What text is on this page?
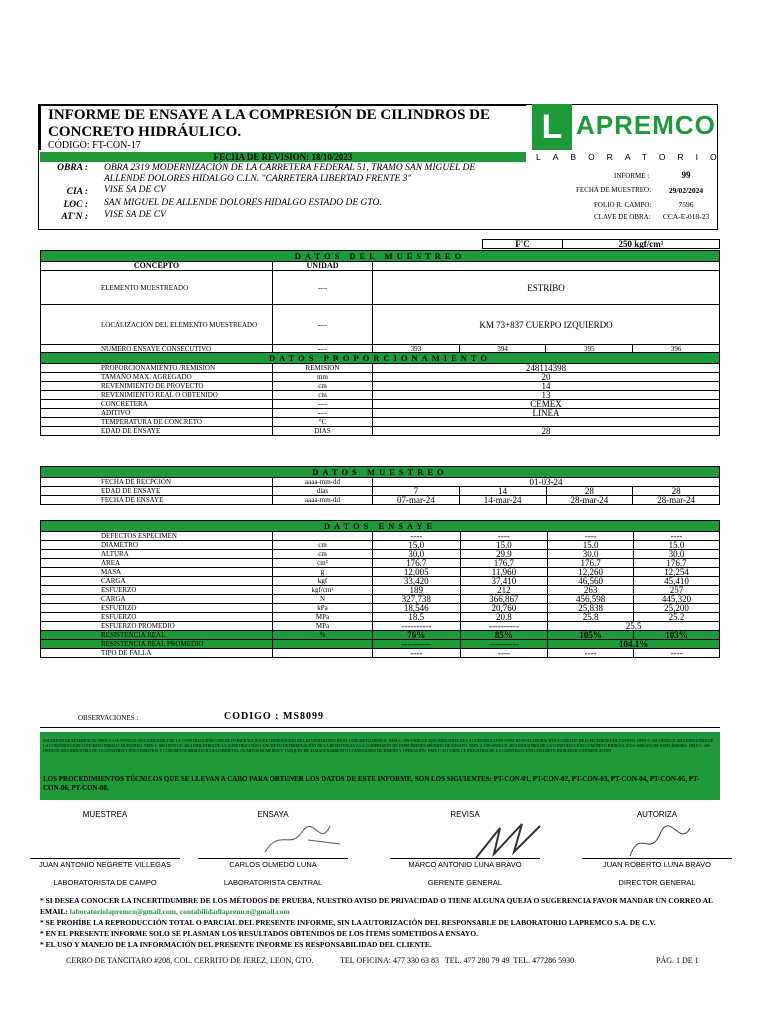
INFORME DE ENSAYE A LA COMPRESIÓN DE CILINDROS DE CONCRETO HIDRÁULICO.
CÓDIGO: FT-CON-17
FECHA DE REVISION: 18/10/2023
L APREMCO
LABORATORIO
OBRA : OBRA 2319 MODERNIZACIÓN DE LA CARRETERA FEDERAL 51, TRAMO SAN MIGUEL DE ALLENDE DOLORES HIDALGO C.I.N. "CARRETERA LIBERTAD FRENTE 3"
CIA : VISE SA DE CV
LOC : SAN MIGUEL DE ALLENDE DOLORES HIDALGO ESTADO DE GTO.
AT'N : VISE SA DE CV
INFORME :	99
FECHA DE MUESTREO:	29/02/2024
FOLIO R. CAMPO:	7596
CLAVE DE OBRA:	CCA-E-018-23
F'C	250 kgf/cm²
DATOS DEL MUESTREO					
CONCEPTO	UNIDAD				
ELEMENTO MUESTREADO	----	ESTRIBO			
LOCALIZACIÓN DEL ELEMENTO MUESTREADO	----	KM 73+837 CUERPO IZQUIERDO			
NUMERO ENSAYE CONSECUTIVO	----	393	394	395	396
DATOS PROPORCIONAMIENTO		
PROPORCIONAMIENTO /REMISION	REMISION	248114398
TAMAÑO MAX. AGREGADO	mm	20
REVENIMIENTO DE PROVECTO	cm	14
REVENIMIENTO REAL O OBTENIDO	cm	13
CONCRETERA	----	CEMEX
ADITIVO	----	LINEA
TEMPERATURA DE CONCRETO	°C	
EDAD DE ENSAYE	DIAS	28
DATOS MUESTREO					
FECHA DE RECPCIÓN	aaaa-mm-dd	01-03-24			
EDAD DE ENSAYE	días	7	14	28	28
FECHA DE ENSAYE	aaaa-mm-dd	07-mar-24	14-mar-24	28-mar-24	28-mar-24
DATOS ENSAYE					
DEFECTOS ESPECIMEN		----	----	----	----
DIÁMETRO	cm	15.0	15.0	15.0	15.0
ALTURA	cm	30.0	29.9	30.0	30.0
ÁREA	cm²	176.7	176.7	176.7	176.7
MASA	g	12,005	11,960	12,260	12,254
CARGA	kgf	33,420	37,410	46,560	45,410
ESFUERZO	kgf/cm²	189	212	263	257
CARGA	N	327,738	366,867	456,598	445,320
ESFUERZO	kPa	18,546	20,760	25,838	25,200
ESFUERZO	MPa	18.5	20.8	25.8	25.2
ESFUERZO PROMEDIO	MPa	----------	----------	25.5	
RESISTENCIA REAL	%	76%	85%	105%	103%
RESISTENCIA REAL PROMEDIO		----------	----------	104.1%	
TIPO DE FALLA		----	----	----	----
OBSERVACIONES :	CODIGO : MS8099
ESTANDAR DE REFERENCIA: NMX-C-156-ONNCCE-2010 INDUSTRIA DE LA CONSTRUCCIÓN-CONCRETO HIDRÁULICO-DETERMINACIÓN DEL REVENIMIENTO EN EL CONCRETO FRESCO. NMX-C-159-ONNCCE-2016 INDUSTRIA DE LA CONSTRUCCIÓN-CONCRETO-ELABORACIÓN Y CURADO DE ESPECÍMENES DE ENSAYO. NMX-C-161-ONNCCE-2013 INDUSTRIA DE LA CONSTRUCCIÓN-CONCRETO FRESCO-MUESTREO. NMX-C-083-ONNCCE-2014 INDUSTRIA DE LA CONSTRUCCIÓN-CONCRETO-DETERMINACIÓN DE LA RESISTENCIA A LA COMPRESIÓN DE ESPECÍMENES-MÉTODO DE ENSAYO. NMX-C-109-ONNCCE-2013 INDUSTRIA DE LA CONSTRUCCIÓN-CONCRETO HIDRÁULICO-CABECEO DE ESPECÍMENES. NMX-C-148-ONNCCE-2010 INDUSTRIA DE LA CONSTRUCCIÓN-CEMENTOS Y CONCRETOS HIDRÁULICOS-GABINETES, CUARTOS HÚMEDOS Y TANQUES DE ALMACENAMIENTO-CONDICIONES DE DISEÑO Y OPERACIÓN. NMX-C-251-ONNCCE INDUSTRIA DE LA CONSTRUCCIÓN-CONCRETO HIDRÁULICO-DOSIFICACIÓN
LOS PROCEDIMIENTOS TÉCNICOS QUE SE LLEVAN A CABO PARA OBTENER LOS DATOS DE ESTE INFORME, SON LOS SIGUIENTES: PT-CON-01, PT-CON-02, PT-CON-03, PT-CON-04, PT-CON-05, PT-CON-06, PT-CON-08.
MUESTREA
JUAN ANTONIO NEGRETE VILLEGAS
LABORATORISTA DE CAMPO
ENSAYA
CARLOS OLMEDO LUNA
LABORATORISTA CENTRAL
REVISA
MARCO ANTONIO LUNA BRAVO
GERENTE GENERAL
AUTORIZA
JUAN ROBERTO LUNA BRAVO
DIRECTOR GENERAL
* SI DESEA CONOCER LA INCERTIDUMBRE DE LOS MÉTODOS DE PRUEBA, NUESTRO AVISO DE PRIVACIDAD O TIENE ALGUNA QUEJA O SUGERENCIA FAVOR MANDAR UN CORREO AL EMAIL: laboratoriolapremco@gmail.com, contabilidadlapremco@gmail.com
* SE PROHÍBE LA REPRODUCCIÓN TOTAL O PARCIAL DEL PRESENTE INFORME, SIN LA AUTORIZACIÓN DEL RESPONSABLE DE LABORATORIO LAPREMCO S.A. DE C.V.
* EN EL PRESENTE INFORME SOLO SE PLASMAN LOS RESULTADOS OBTENIDOS DE LOS ÍTEMS SOMETIDOS A ENSAYO.
* EL USO Y MANEJO DE LA INFORMACIÓN DEL PRESENTE INFORME ES RESPONSABILIDAD DEL CLIENTE.
CERRO DE TANCITARO #208, COL. CERRITO DE JEREZ, LEON, GTO.	TEL OFICINA: 477 330 63 83   TEL. 477 280 79 49  TEL. 477286 5930	PÁG. 1 DE 1
